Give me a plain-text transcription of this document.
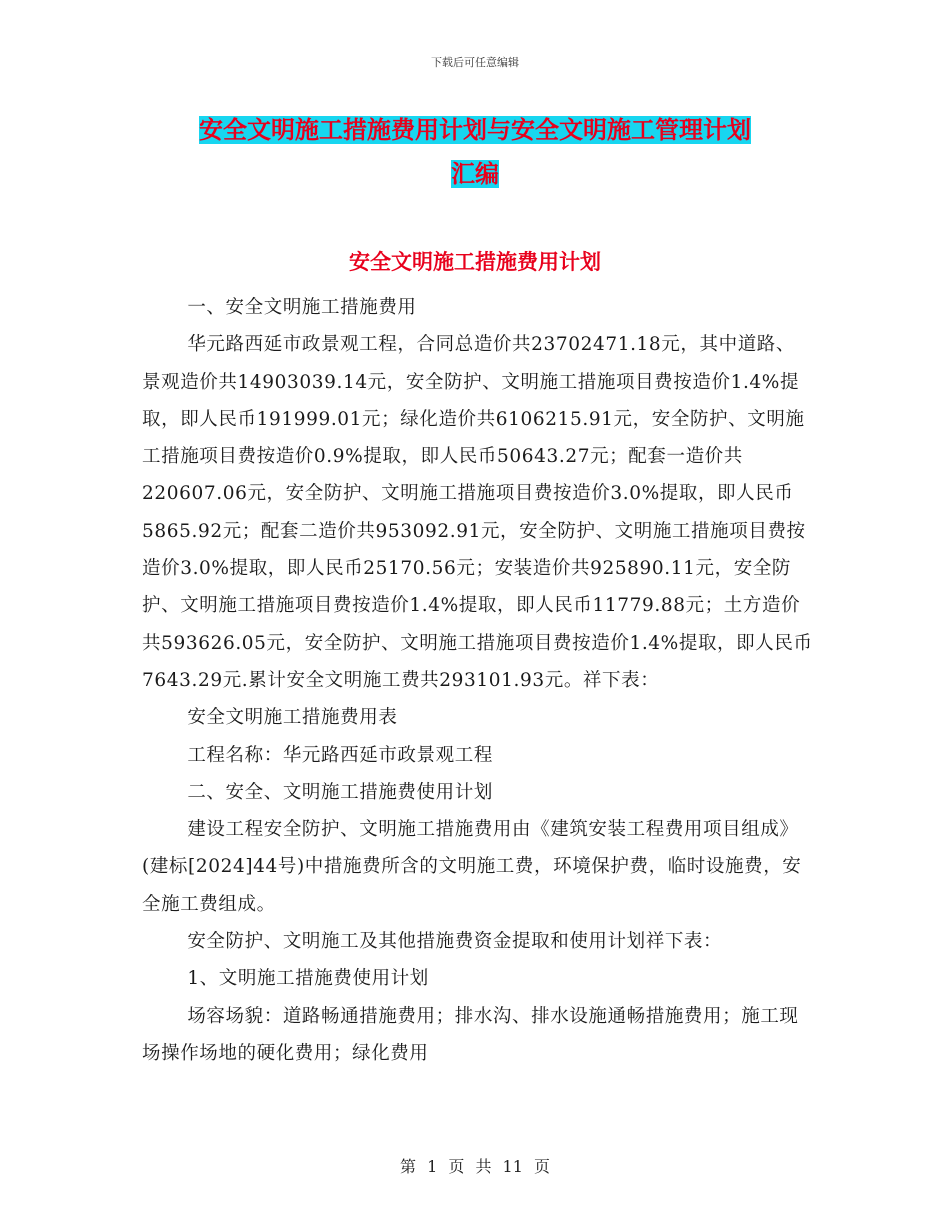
下载后可任意编辑
安全文明施工措施费用计划与安全文明施工管理计划
汇编
安全文明施工措施费用计划

一、安全文明施工措施费用

华元路西延市政景观工程，合同总造价共23702471.18元，其中道路、景观造价共14903039.14元，安全防护、文明施工措施项目费按造价1.4%提取，即人民币191999.01元；绿化造价共6106215.91元，安全防护、文明施工措施项目费按造价0.9%提取，即人民币50643.27元；配套一造价共220607.06元，安全防护、文明施工措施项目费按造价3.0%提取，即人民币5865.92元；配套二造价共953092.91元，安全防护、文明施工措施项目费按造价3.0%提取，即人民币25170.56元；安装造价共925890.11元，安全防护、文明施工措施项目费按造价1.4%提取，即人民币11779.88元；土方造价共593626.05元，安全防护、文明施工措施项目费按造价1.4%提取，即人民币7643.29元.累计安全文明施工费共293101.93元。祥下表：

安全文明施工措施费用表

工程名称：华元路西延市政景观工程

二、安全、文明施工措施费使用计划

建设工程安全防护、文明施工措施费用由《建筑安装工程费用项目组成》(建标[2024]44号)中措施费所含的文明施工费，环境保护费，临时设施费，安全施工费组成。

安全防护、文明施工及其他措施费资金提取和使用计划祥下表：

1、文明施工措施费使用计划

场容场貌：道路畅通措施费用；排水沟、排水设施通畅措施费用；施工现场操作场地的硬化费用；绿化费用

第 1 页 共 11 页
